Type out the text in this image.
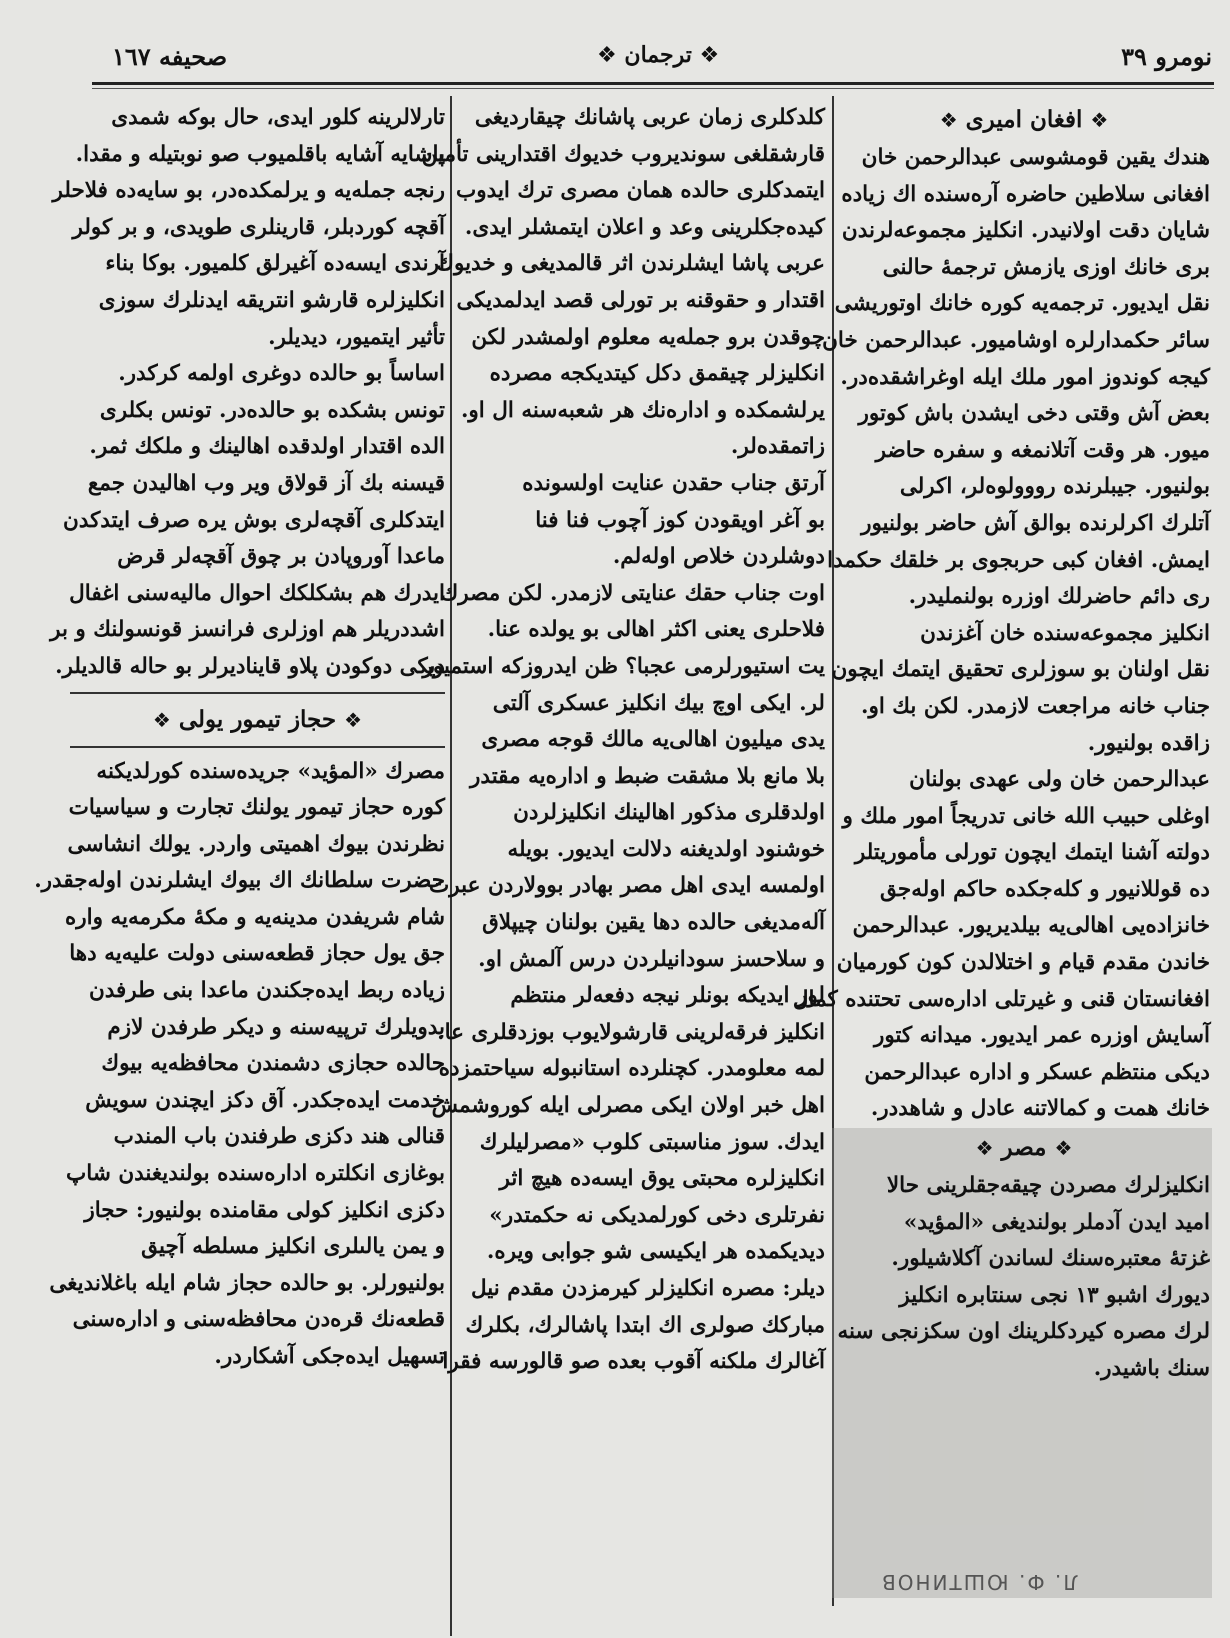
صحيفه ١٦٧	❖ ترجمان ❖	نومرو ٣٩
Л. Ф. ЮШТИНОВ
❖افغان اميرى❖
هندك يقين قومشوسى عبدالرحمن خان
افغانى سلاطين حاضره آره‌سنده اك زياده
شايان دقت اولانيدر. انكليز مجموعه‌لرندن
برى خانك اوزى يازمش ترجمۀ حالنى
نقل ايديور. ترجمه‌يه كوره خانك اوتوريشى
سائر حكمدارلره اوشاميور. عبدالرحمن خان
كيجه كوندوز امور ملك ايله اوغراشقده‌در.
بعض آش وقتى دخى ايشدن باش كوتور
ميور. هر وقت آتلانمغه و سفره حاضر
بولنيور. جيبلرنده رووولوه‌لر، اكرلى
آتلرك اكرلرنده بوالق آش حاضر بولنيور
ايمش. افغان كبى حربجوى بر خلقك حكمدا
رى دائم حاضرلك اوزره بولنمليدر.
انكليز مجموعه‌سنده خان آغزندن
نقل اولنان بو سوزلرى تحقيق ايتمك ايچون
جناب خانه مراجعت لازمدر. لكن بك او.
زاقده بولنيور.
عبدالرحمن خان ولى عهدى بولنان
اوغلى حبيب الله خانى تدريجاً امور ملك و
دولته آشنا ايتمك ايچون تورلى مأموريتلر
ده قوللانيور و كله‌جكده حاكم اوله‌جق
خانزاده‌يى اهالى‌يه بيلديريور. عبدالرحمن
خاندن مقدم قيام و اختلالدن كون كورميان
افغانستان قنى و غيرتلى اداره‌سى تحتنده كمال
آسايش اوزره عمر ايديور. ميدانه كتور
ديكى منتظم عسكر و اداره عبدالرحمن
خانك همت و كمالاتنه عادل و شاهددر.
❖مصر❖
انكليزلرك مصردن چيقه‌جقلرينى حالا
اميد ايدن آدملر بولنديغى «المؤيد»
غزتۀ معتبره‌سنك لساندن آكلاشيلور.
ديورك اشبو ١٣ نجى سنتابره انكليز
لرك مصره كيردكلرينك اون سكزنجى سنه
سنك باشيدر.
كلدكلرى زمان عربى پاشانك چيقارديغى
قارشقلغى سونديروب خديوك اقتدارينى تأمين
ايتمدكلرى حالده همان مصرى ترك ايدوب
كيده‌جكلرينى وعد و اعلان ايتمشلر ايدى.
عربى پاشا ايشلرندن اثر قالمديغى و خديوك
اقتدار و حقوقنه بر تورلى قصد ايدلمديكى
چوقدن برو جمله‌يه معلوم اولمشدر لكن
انكليزلر چيقمق دكل كيتديكجه مصرده
يرلشمكده و ادارەنك هر شعبه‌سنه ال او.
زاتمقده‌لر.
آرتق جناب حقدن عنايت اولسونده
بو آغر اويقودن كوز آچوب فنا فنا
دوشلردن خلاص اولەلم.
اوت جناب حقك عنايتى لازمدر. لكن مصرك
فلاحلرى يعنى اكثر اهالى بو يولده عنا.
يت استيورلرمى عجبا؟ ظن ايدروزكه استميور
لر. ايكى اوچ بيك انكليز عسكرى آلتى
يدى ميليون اهالى‌يه مالك قوجه مصرى
بلا مانع بلا مشقت ضبط و اداره‌يه مقتدر
اولدقلرى مذكور اهالينك انكليزلردن
خوشنود اولديغنه دلالت ايديور. بويله
اولمسه ايدى اهل مصر بهادر بوولاردن عبرت
آلەمديغى حالده دها يقين بولنان چيپلاق
و سلاحسز سودانيلردن درس آلمش او.
لور ايديكه بونلر نيجه دفعه‌لر منتظم
انكليز فرقەلرينى قارشولايوب بوزدقلرى عا.
لمه معلومدر. كچنلرده استانبوله سياحتمزده
اهل خبر اولان ايكى مصرلى ايله كوروشمش
ايدك. سوز مناسبتى كلوب «مصرليلرك
انكليزلره محبتى يوق ايسه‌ده هيچ اثر
نفرتلرى دخى كورلمديكى نه حكمتدر»
ديديكمده هر ايكيسى شو جوابى ويره.
ديلر: مصره انكليزلر كيرمزدن مقدم نيل
مباركك صولرى اك ابتدا پاشالرك، بكلرك
آغالرك ملكنه آقوب بعده صو قالورسه فقرا
تارلالرينه كلور ايدى، حال بوكه شمدى
پاشايه آشايه باقلميوب صو نوبتيله و مقدا.
رنجه جمله‌يه و يرلمكده‌در، بو سايه‌ده فلاحلر
آقچه كوردبلر، قارينلرى طويدى، و بر كولر
آرندى ايسه‌ده آغيرلق كلميور. بوكا بناء
انكليزلرە قارشو انتريقه ايدنلرك سوزى
تأثير ايتميور، ديديلر.
اساساً بو حالده دوغرى اولمه كركدر.
تونس بشكده بو حالده‌در. تونس بكلرى
الده اقتدار اولدقده اهالينك و ملكك ثمر.
قيسنه بك آز قولاق وير وب اهاليدن جمع
ايتدكلرى آقچه‌لرى بوش يره صرف ايتدكدن
ماعدا آوروپادن بر چوق آقچه‌لر قرض
ايدرك هم بشكلكك احوال ماليه‌سنى اغفال
اشددريلر هم اوزلرى فرانسز قونسولنك و بر
ديكى دوكودن پلاو قايناديرلر بو حاله قالديلر.
❖حجاز تيمور يولى❖
مصرك «المؤيد» جريده‌سنده كورلديكنه
كوره حجاز تيمور يولنك تجارت و سياسيات
نظرندن بيوك اهميتى واردر. يولك انشاسى
حضرت سلطانك اك بيوك ايشلرندن اوله‌جقدر.
شام شريفدن مدينه‌يه و مكۀ مكرمه‌يه واره
جق يول حجاز قطعه‌سنى دولت عليه‌يه دها
زياده ربط ايده‌جكندن ماعدا بنى طرفدن
بدويلرك ترپيه‌سنه و ديكر طرفدن لازم
حالده حجازى دشمندن محافظه‌يه بيوك
خدمت ايده‌جكدر. آق دكز ايچندن سويش
قنالى هند دكزى طرفندن باب المندب
بوغازى انكلتره اداره‌سنده بولنديغندن شاپ
دكزى انكليز كولى مقامنده بولنيور: حجاز
و يمن يالىلرى انكليز مسلطه آچيق
بولنيورلر. بو حالده حجاز شام ايله باغلانديغى
قطعه‌نك قره‌دن محافظه‌سنى و اداره‌سنى
تسهيل ايده‌جكى آشكاردر.
